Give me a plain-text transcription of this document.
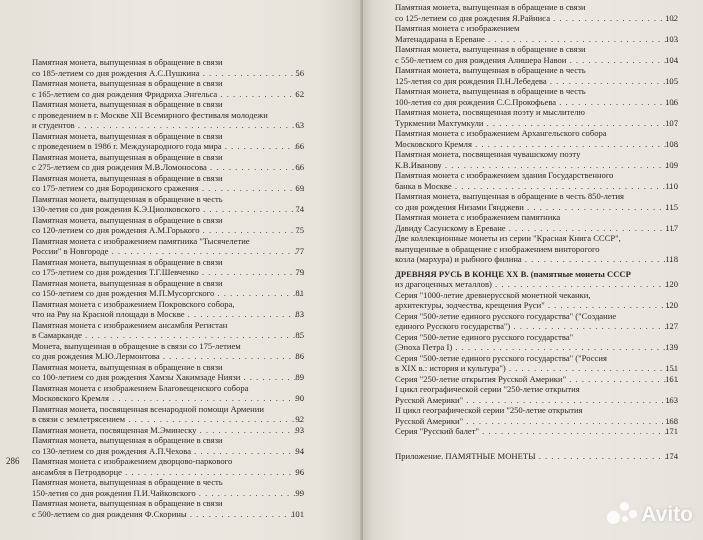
Памятная монета, выпущенная в обращение в связи
со 185-летием со дня рождения А.С.Пушкина . . .	56
Памятная монета, выпущенная в обращение в связи
с 165-летием со дня рождения Фридриха Энгельса . . .	62
Памятная монета, выпущенная в обращение в связи
с проведением в г. Москве XII Всемирного фестиваля молодежи
и студентов . . .	63
Памятная монета, выпущенная в обращение в связи
с проведением в 1986 г. Международного года мира . . .	66
Памятная монета, выпущенная в обращение в связи
с 275-летием со дня рождения М.В.Ломоносова . . .	66
Памятная монета, выпущенная в обращение в связи
со 175-летием со дня Бородинского сражения . . .	69
Памятная монета, выпущенная в обращение в честь
130-летия со дня рождения К.Э.Циолковского . . .	74
Памятная монета, выпущенная в обращение в связи
со 120-летием со дня рождения А.М.Горького . . .	75
Памятная монета с изображением памятника "Тысячелетие
России" в Новгороде . . .	77
Памятная монета, выпущенная в обращение в связи
со 175-летием со дня рождения Т.Г.Шевченко . . .	79
Памятная монета, выпущенная в обращение в связи
со 150-летием со дня рождения М.П.Мусоргского . . .	81
Памятная монета с изображением Покровского собора,
что на Рву на Красной площади в Москве . . .	83
Памятная монета с изображением ансамбля Регистан
в Самарканде . . .	85
Монета, выпущенная в обращение в связи со 175-летием
со дня рождения М.Ю.Лермонтова . . .	86
Памятная монета, выпущенная в обращение в связи
со 100-летием со дня рождения Хамзы Хакимзаде Ниязи . . .	89
Памятная монета с изображением Благовещенского собора
Московского Кремля . . .	90
Памятная монета, посвященная всенародной помощи Армении
в связи с землетрясением . . .	92
Памятная монета, посвященная М.Эминеску . . .	93
Памятная монета, выпущенная в обращение в связи
со 130-летием со дня рождения А.П.Чехова . . .	94
Памятная монета с изображением дворцово-паркового
ансамбля в Петродворце . . .	96
Памятная монета, выпущенная в обращение в честь
150-летия со дня рождения П.И.Чайковского . . .	99
Памятная монета, выпущенная в обращение в связи
с 500-летием со дня рождения Ф.Скорины . . .	101
286
Памятная монета, выпущенная в обращение в связи
со 125-летием со дня рождения Я.Райниса . . .	102
Памятная монета с изображением
Матенадарана в Ереване . . .	103
Памятная монета, выпущенная в обращение в связи
с 550-летием со дня рождения Алишера Навои . . .	104
Памятная монета, выпущенная в обращение в честь
125-летия со дня рождения П.Н.Лебедева . . .	105
Памятная монета, выпущенная в обращение в честь
100-летия со дня рождения С.С.Прокофьева . . .	106
Памятная монета, посвященная поэту и мыслителю
Туркмении Махтумкули . . .	107
Памятная монета с изображением Архангельского собора
Московского Кремля . . .	108
Памятная монета, посвященная чувашскому поэту
К.В.Иванову . . .	109
Памятная монета с изображением здания Государственного
банка в Москве . . .	110
Памятная монета, выпущенная в обращение в честь 850-летия
со дня рождения Низами Гянджеви . . .	115
Памятная монета с изображением памятника
Давиду Сасунскому в Ереване . . .	117
Две коллекционные монеты из серии "Красная Книга СССР",
выпущенные в обращение с изображением винторогого
козла (мархура) и рыбного филина . . .	118
ДРЕВНЯЯ РУСЬ В КОНЦЕ XX В. (памятные монеты СССР
из драгоценных металлов) . . .	120
Серия "1000-летие древнерусской монетной чеканки,
архитектуры, зодчества, крещения Руси" . . .	120
Серия "500-летие единого русского государства" ("Создание
единого Русского государства") . . .	127
Серия "500-летие единого русского государства"
(Эпоха Петра I) . . .	139
Серия "500-летие единого русского государства" ("Россия
в XIX в.: история и культура") . . .	151
Серия "250-летие открытия Русской Америки" . . .	161
I цикл географической серии "250-летие открытия
Русской Америки" . . .	163
II цикл географической серии "250-летие открытия
Русской Америки" . . .	168
Серия "Русский балет" . . .	171
Приложение. ПАМЯТНЫЕ МОНЕТЫ . . .	174
Avito
